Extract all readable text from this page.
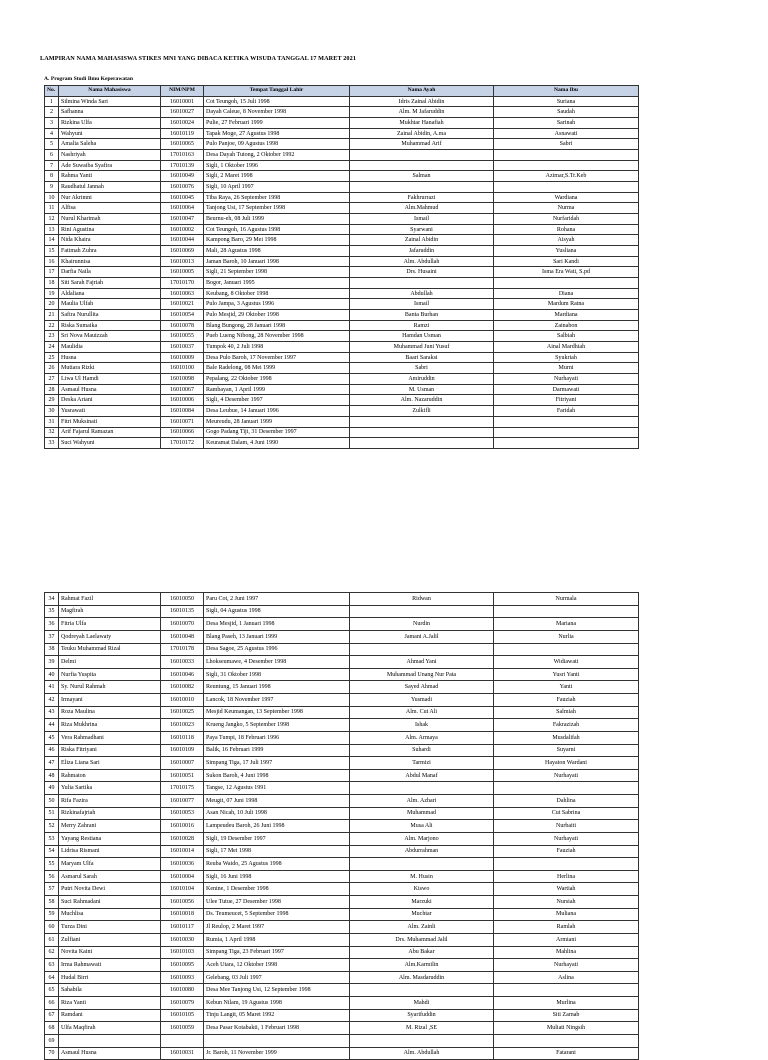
LAMPIRAN NAMA MAHASISWA STIKES MNI YANG DIBACA KETIKA WISUDA TANGGAL 17 MARET 2021
A. Program Studi Ilmu Keperawatan
No.	Nama Mahasiswa	NIM/NPM	Tempat Tanggal Lahir	Nama Ayah	Nama Ibu
1	Silmina Winda Sari	16010001	Cot Teungoh, 15 Juli 1998	Idris Zainal Abidin	Suriana
2	Safhanna	16010027	Dayah Caleue, 8 November 1998	Alm. M Jafaruddin	Saudah
3	Rizkina Ulfa	16010024	Pulie, 27 Februari 1999	Mukhtar Hanafiah	Sarinah
4	Wahyuni	16010119	Tapak Moge, 27 Agustus 1998	Zainal Abidin, A.ma	Asnawati
5	Amalia Saleha	16010065	Pulo Panjoe, 09 Agustus 1998	Muhammad Arif	Sabri
6	Nashriyah	17010163	Desa Dayah Tutong, 2 Oktober 1992		
7	Ade Suwaiba Syafira	17010139	Sigli, 1 Oktober 1996		
8	Rahma Yanti	16010049	Sigli, 2 Maret 1998	Salman	Azimar,S.Tr.Keb
9	Raudhatul Jannah	16010076	Sigli, 10 April 1997		
10	Nur Akrimni	16010045	Tiba Raya, 26 September 1998	Fakhrurrazi	Wardiana
11	Alfisa	16010064	Tanjong Usi, 17 September 1998	Alm.Mahmud	Nurma
12	Nurul Kharimah	16010047	Beurnu-eh, 08 Juli 1999	Ismail	Nurfaridah
13	Rini Agustina	16010002	Cot Teungoh, 16 Agustus 1998	Syarwani	Rohana
14	Nida Khaira	16010044	Kampong Baro, 29 Mei 1998	Zainal Abidin	Aisyah
15	Fatimah Zuhra	16010069	Mali, 28 Agustus 1998	Jafaruddin	Yusliana
16	Khairunnisa	16010013	Jaman Baroh, 10 Januari 1998	Alm. Abdullah	Sari Kandi
17	Darfia Naila	16010005	Sigli, 21 September 1998	Drs. Husaini	Isma Era Wati, S.pd
18	Siti Sarah Fajriah	17010170	Bogor, Januari 1995		
19	Aldaliana	16010063	Keubang, 8 Oktober 1998	Abdullah	Diana
20	Maulia Ulfah	16010021	Pulo Jampa, 3 Agustus 1996	Ismail	Mardum Ratna
21	Safira Nurullita	16010054	Pulo Mesjid, 29 Oktober 1998	Banta Burhan	Mardiana
22	Riska Sumaika	16010078	Blang Bungong, 28 Januari 1998	Ramzi	Zainabon
23	Sri Nova Mauizzah	16010055	Pueb Lueng Nibong, 28 November 1998	Hamdan Usman	Salbiah
24	Maulidia	16010037	Tumpok 40, 2 Juli 1998	Muhammad Juni Yusuf	Ainal Mardhiah
25	Husna	16010009	Desa Pulo Baroh, 17 November 1997	Baari Saraksi	Syukriah
26	Mutiara Rizki	16010100	Bale Radelong, 08 Mei 1999	Sabri	Murni
27	Liwa Ul Hamdi	16010098	Pepalang, 22 Oktober 1998	Amiruddin	Nurhayati
28	Asmaul Husna	16010067	Rambayan, 1 April 1999	M. Usman	Darmawati
29	Deska Ariani	16010006	Sigli, 4 Desember 1997	Alm. Nazaruddin	Fitriyani
30	Yusrawati	16010084	Desa Leubue, 14 Januari 1996	Zulkifli	Faridah
31	Fitri Muksinati	16010071	Meureudu, 28 Januari 1999		
32	Arif Fajarul Ramazan	16010066	Gogo Padang Tiji, 31 Desember 1997		
33	Suci Wahyuni	17010172	Keuramat Dalam, 4 Juni 1990		
34	Rahmat Fazil	16010050	Paru Cot, 2 Juni 1997	Ridwan	Nurmala
35	Magfirah	16010135	Sigli, 04 Agustus 1998		
36	Fitria Ulfa	16010070	Desa Mesjid, 1 Januari 1998	Nurdin	Mariana
37	Qodreyah Laelawaty	16010048	Blang Paseh, 13 Januari 1999	Jamani A.Jalil	Nurlia
38	Teuku Muhammad Rizal	17010178	Desa Sagoe, 25 Agustus 1996		
39	Delmi	16010033	Lhokseumawe, 4 Desember 1998	Ahmad Yani	Widiawati
40	Nurfia Yuspita	16010046	Sigli, 31 Oktober 1998	Muhammad Unang Nur Pata	Yusri Yanti
41	Sy. Nurul Rahmah	16010082	Reuntung, 15 Januari 1998	Sayed Ahmad	Yanti
42	Irmayani	16010010	Lancok, 18 November 1997	Yusmadi	Fauziah
43	Roza Maulina	16010025	Mesjid Keumangan, 13 September 1998	Alm. Cut Ali	Salmiah
44	Riza Mukhrina	16010023	Krueng Jangko, 5 September 1998	Ishak	Fakrazizah
45	Vera Rahmadhani	16010118	Paya Tumpi, 18 Februari 1996	Alm. Armaya	Musdalifah
46	Riska Fitriyani	16010109	Balik, 16 Februari 1999	Suhardi	Suyarni
47	Eliza Liana Sari	16010007	Simpang Tiga, 17 Juli 1997	Tarmizi	Hayaton Wardani
48	Rahmaton	16010051	Sukon Baroh, 4 Juni 1998	Abdul Manaf	Nurhayati
49	Yulia Sartika	17010175	Tangse, 12 Agustus 1991		
50	Rifa Fazira	16010077	Meugit, 07 Juni 1998	Alm. Azhari	Dahlina
51	Rizkinafajriah	16010053	Asan Nicah, 10 Juli 1998	Muhammad	Cut Sabrina
52	Merry Zahrani	16010016	Lampeudeu Baroh, 26 Juni 1998	Musa Ali	Nurbaiti
53	Yayang Restiana	16010028	Sigli, 19 Desember 1997	Alm. Marjono	Nurhayati
54	Lidrisa Rismani	16010014	Sigli, 17 Mei 1998	Abdurrahman	Fauziah
55	Maryam Ulfa	16010036	Reuba Waido, 25 Agustus 1998		
56	Asmarul Sarah	16010004	Sigli, 16 Juni 1998	M. Husin	Herlina
57	Putri Novita Dewi	16010104	Kenine, 1 Desember 1998	Kiswo	Wartiah
58	Suci Rahmadani	16010056	Ulee Tutue, 27 Desember 1998	Marzuki	Nursiah
59	Muchlisa	16010018	Ds. Teumeucet, 5 September 1998	Muchtar	Muliana
60	Turza Dini	16010117	Jl Reulop, 2 Maret 1997	Alm. Zainli	Ramlah
61	Zulfiani	16010030	Rumia, 1 April 1998	Drs. Muhammad Jalil	Armiani
62	Novita Kaini	16010103	Simpang Tiga, 23 Februari 1997	Abu Bakar	Mahlina
63	Irma Rahmawati	16010095	Aceh Utara, 12 Oktober 1998	Alm.Karmilin	Nurhayati
64	Hudal Birri	16010093	Gelebang, 03 Juli 1997	Alm. Masdaruddin	Aslina
65	Sahabila	16010080	Desa Mee Tanjong Usi, 12 September 1998		
66	Riza Yanti	16010079	Kebun Nilam, 19 Agustus 1998	Mahdi	Murlina
67	Ramdani	16010105	Tinju Langit, 05 Maret 1992	Syarifuddin	Siti Zarnab
68	Ulfa Maqfirah	16010059	Desa Pasar Kotabakti, 1 Februari 1998	M. Rizal ,SE	Muliati Ningsih
69					
70	Asmaul Husna	16010031	Jr. Baroh, 11 November 1999	Alm. Abdullah	Fatarani
